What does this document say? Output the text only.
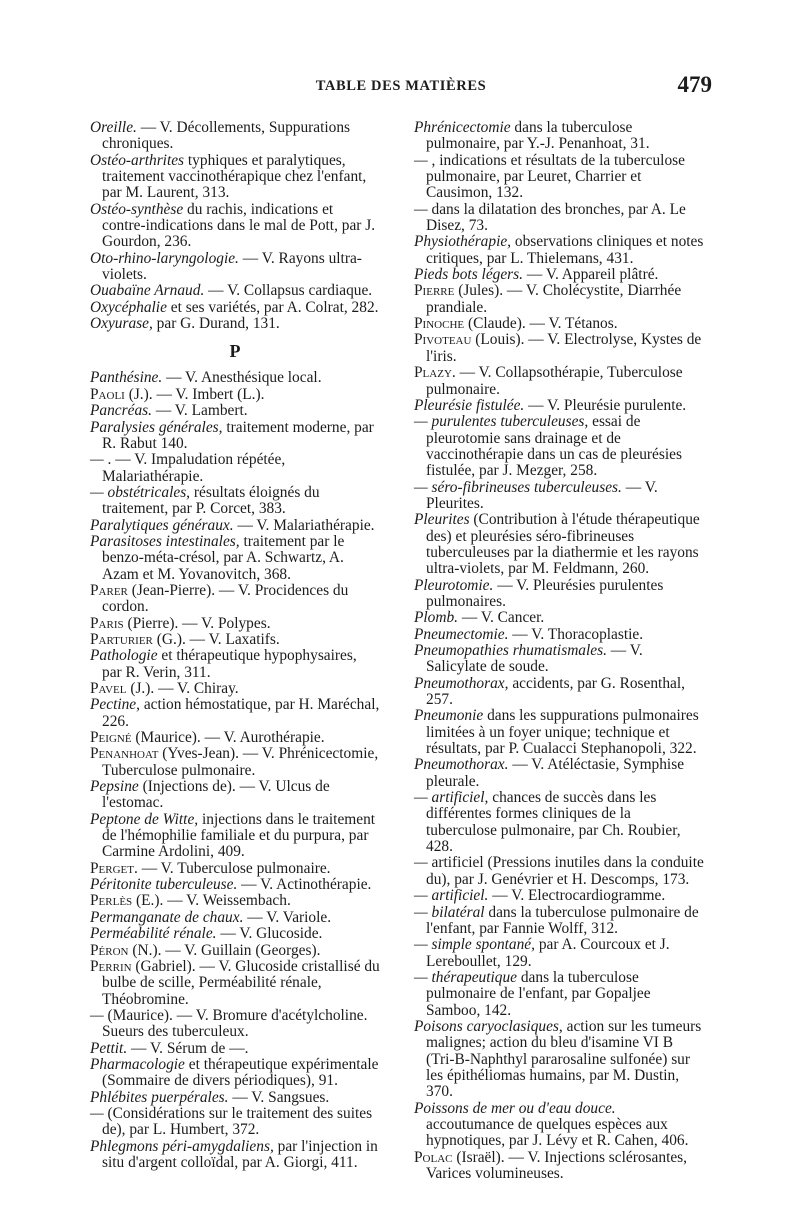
TABLE DES MATIÈRES	479
Oreille. — V. Décollements, Suppurations chroniques.
Ostéo-arthrites typhiques et paralytiques, traitement vaccinothérapique chez l'enfant, par M. Laurent, 313.
Ostéo-synthèse du rachis, indications et contre-indications dans le mal de Pott, par J. Gourdon, 236.
Oto-rhino-laryngologie. — V. Rayons ultra-violets.
Ouabaïne Arnaud. — V. Collapsus cardiaque.
Oxycéphalie et ses variétés, par A. Colrat, 282.
Oxyurase, par G. Durand, 131.
P
Panthésine. — V. Anesthésique local.
Paoli (J.). — V. Imbert (L.).
Pancréas. — V. Lambert.
Paralysies générales, traitement moderne, par R. Rabut 140.
— . — V. Impaludation répétée, Malariathérapie.
— obstétricales, résultats éloignés du traitement, par P. Corcet, 383.
Paralytiques généraux. — V. Malariathérapie.
Parasitoses intestinales, traitement par le benzo-méta-crésol, par A. Schwartz, A. Azam et M. Yovanovitch, 368.
Parer (Jean-Pierre). — V. Procidences du cordon.
Paris (Pierre). — V. Polypes.
Parturier (G.). — V. Laxatifs.
Pathologie et thérapeutique hypophysaires, par R. Verin, 311.
Pavel (J.). — V. Chiray.
Pectine, action hémostatique, par H. Maréchal, 226.
Peigné (Maurice). — V. Aurothérapie.
Penanhoat (Yves-Jean). — V. Phrénicectomie, Tuberculose pulmonaire.
Pepsine (Injections de). — V. Ulcus de l'estomac.
Peptone de Witte, injections dans le traitement de l'hémophilie familiale et du purpura, par Carmine Ardolini, 409.
Perget. — V. Tuberculose pulmonaire.
Péritonite tuberculeuse. — V. Actinothérapie.
Perlès (E.). — V. Weissembach.
Permanganate de chaux. — V. Variole.
Perméabilité rénale. — V. Glucoside.
Péron (N.). — V. Guillain (Georges).
Perrin (Gabriel). — V. Glucoside cristallisé du bulbe de scille, Perméabilité rénale, Théobromine.
— (Maurice). — V. Bromure d'acétylcholine. Sueurs des tuberculeux.
Pettit. — V. Sérum de —.
Pharmacologie et thérapeutique expérimentale (Sommaire de divers périodiques), 91.
Phlébites puerpérales. — V. Sangsues.
— (Considérations sur le traitement des suites de), par L. Humbert, 372.
Phlegmons péri-amygdaliens, par l'injection in situ d'argent colloïdal, par A. Giorgi, 411.
Phrénicectomie dans la tuberculose pulmonaire, par Y.-J. Penanhoat, 31.
— , indications et résultats de la tuberculose pulmonaire, par Leuret, Charrier et Causimon, 132.
— dans la dilatation des bronches, par A. Le Disez, 73.
Physiothérapie, observations cliniques et notes critiques, par L. Thielemans, 431.
Pieds bots légers. — V. Appareil plâtré.
Pierre (Jules). — V. Cholécystite, Diarrhée prandiale.
Pinoche (Claude). — V. Tétanos.
Pivoteau (Louis). — V. Electrolyse, Kystes de l'iris.
Plazy. — V. Collapsothérapie, Tuberculose pulmonaire.
Pleurésie fistulée. — V. Pleurésie purulente.
— purulentes tuberculeuses, essai de pleurotomie sans drainage et de vaccinothérapie dans un cas de pleurésies fistulée, par J. Mezger, 258.
— séro-fibrineuses tuberculeuses. — V. Pleurites.
Pleurites (Contribution à l'étude thérapeutique des) et pleurésies séro-fibrineuses tuberculeuses par la diathermie et les rayons ultra-violets, par M. Feldmann, 260.
Pleurotomie. — V. Pleurésies purulentes pulmonaires.
Plomb. — V. Cancer.
Pneumectomie. — V. Thoracoplastie.
Pneumopathies rhumatismales. — V. Salicylate de soude.
Pneumothorax, accidents, par G. Rosenthal, 257.
Pneumonie dans les suppurations pulmonaires limitées à un foyer unique; technique et résultats, par P. Cualacci Stephanopoli, 322.
Pneumothorax. — V. Atéléctasie, Symphise pleurale.
— artificiel, chances de succès dans les différentes formes cliniques de la tuberculose pulmonaire, par Ch. Roubier, 428.
— artificiel (Pressions inutiles dans la conduite du), par J. Genévrier et H. Descomps, 173.
— artificiel. — V. Electrocardiogramme.
— bilatéral dans la tuberculose pulmonaire de l'enfant, par Fannie Wolff, 312.
— simple spontané, par A. Courcoux et J. Lereboullet, 129.
— thérapeutique dans la tuberculose pulmonaire de l'enfant, par Gopaljee Samboo, 142.
Poisons caryoclasiques, action sur les tumeurs malignes; action du bleu d'isamine VI B (Tri-B-Naphthyl pararosaline sulfonée) sur les épithéliomas humains, par M. Dustin, 370.
Poissons de mer ou d'eau douce. accoutumance de quelques espèces aux hypnotiques, par J. Lévy et R. Cahen, 406.
Polac (Israël). — V. Injections sclérosantes, Varices volumineuses.
